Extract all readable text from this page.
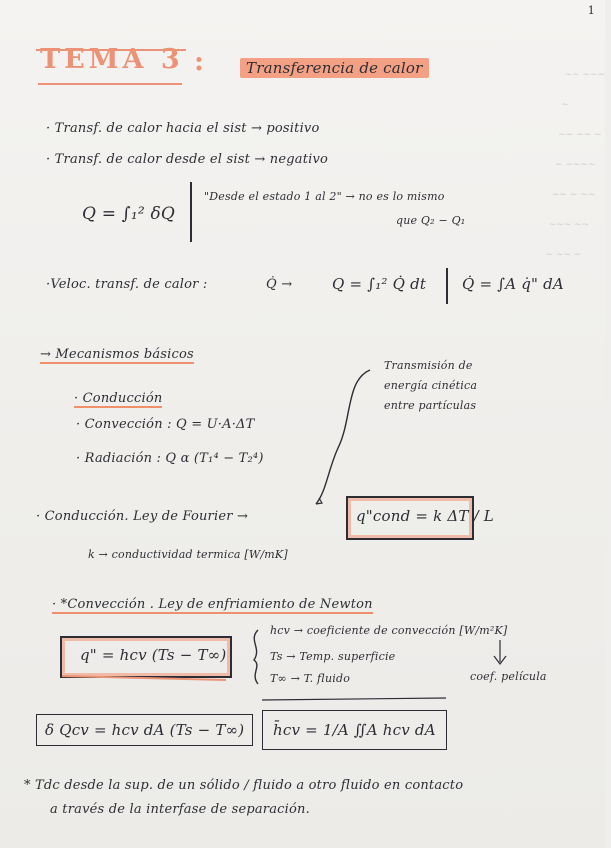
~~ ~~~ ~
~~ ~~ ~
~ ~~~~
~~ ~ ~~
~~~ ~~
~ ~~ ~
1
TEMA 3 :	Transferencia de calor
· Transf. de calor hacia el sist → positivo
· Transf. de calor desde el sist → negativo
Q = ∫₁² δQ
"Desde el estado 1 al 2" → no es lo mismo
que Q₂ − Q₁
·Veloc. transf. de calor :	Q̇ →	Q = ∫₁² Q̇ dt Q̇ = ∫A q̇" dA
→ Mecanismos básicos
· Conducción
· Convección : Q = U·A·ΔT
· Radiación : Q α (T₁⁴ − T₂⁴)
Transmisión de
energía cinética
entre partículas
· Conducción. Ley de Fourier →	q"cond = k ΔT / L
k → conductividad termica [W/mK]
· *Convección . Ley de enfriamiento de Newton
q" = hcv (Ts − T∞)
hcv → coeficiente de convección [W/m²K]
Ts → Temp. superficie
T∞ → T. fluido	coef. película
δ Qcv = hcv dA (Ts − T∞)	h̄cv = 1/A ∬A hcv dA
* Tdc desde la sup. de un sólido / fluido a otro fluido en contacto
a través de la interfase de separación.
